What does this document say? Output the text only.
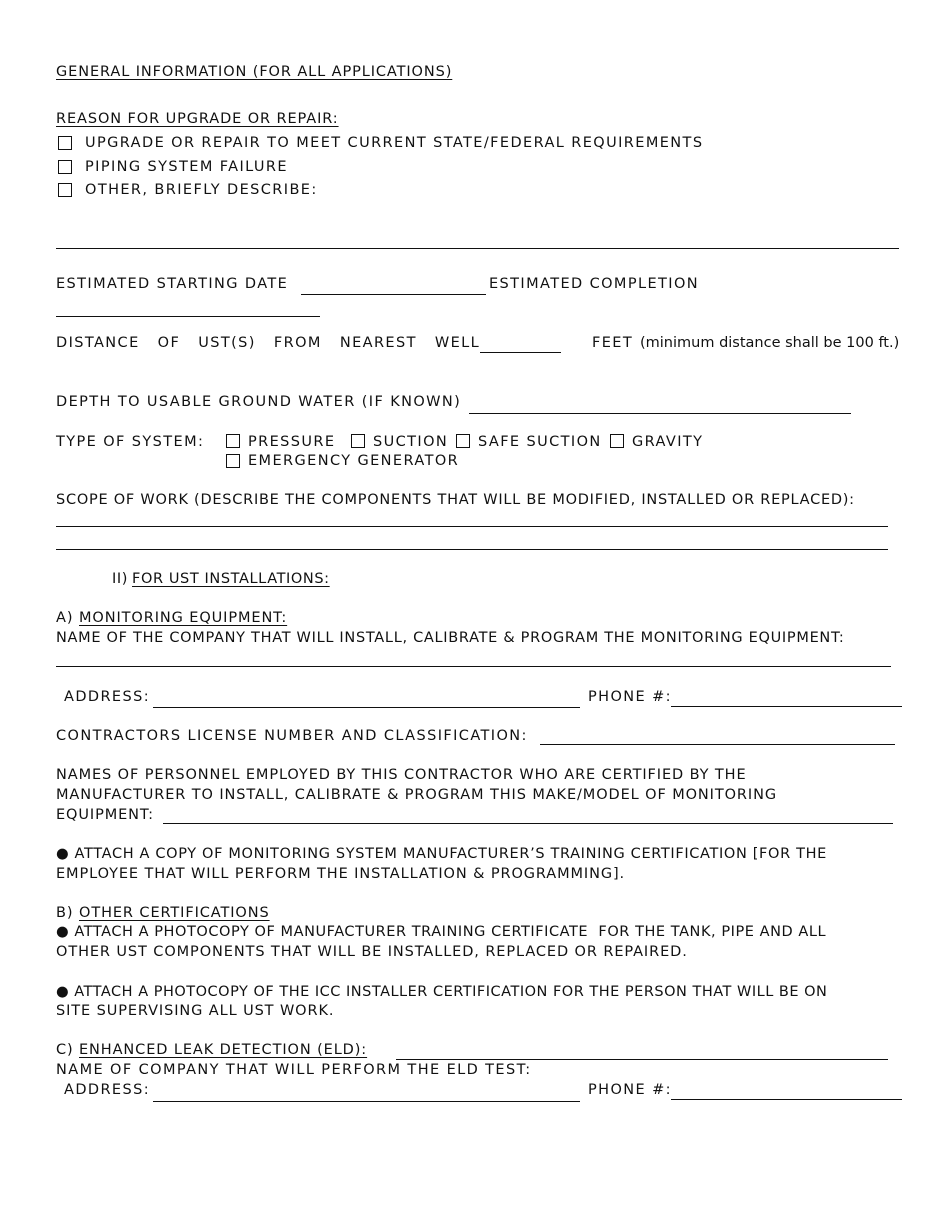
GENERAL INFORMATION (FOR ALL APPLICATIONS)
REASON FOR UPGRADE OR REPAIR:
UPGRADE OR REPAIR TO MEET CURRENT STATE/FEDERAL REQUIREMENTS
PIPING SYSTEM FAILURE
OTHER, BRIEFLY DESCRIBE:
ESTIMATED STARTING DATE	ESTIMATED COMPLETION
DISTANCE   OF   UST(S)   FROM   NEAREST   WELL	FEET (minimum distance shall be 100 ft.)
DEPTH TO USABLE GROUND WATER (IF KNOWN)
TYPE OF SYSTEM:	PRESSURE	SUCTION SAFE SUCTION GRAVITY
EMERGENCY GENERATOR
SCOPE OF WORK (DESCRIBE THE COMPONENTS THAT WILL BE MODIFIED, INSTALLED OR REPLACED):
II) FOR UST INSTALLATIONS:
A) MONITORING EQUIPMENT:
NAME OF THE COMPANY THAT WILL INSTALL, CALIBRATE & PROGRAM THE MONITORING EQUIPMENT:
ADDRESS:	PHONE #:
CONTRACTORS LICENSE NUMBER AND CLASSIFICATION:
NAMES OF PERSONNEL EMPLOYED BY THIS CONTRACTOR WHO ARE CERTIFIED BY THE
MANUFACTURER TO INSTALL, CALIBRATE & PROGRAM THIS MAKE/MODEL OF MONITORING
EQUIPMENT:
● ATTACH A COPY OF MONITORING SYSTEM MANUFACTURER’S TRAINING CERTIFICATION [FOR THE
EMPLOYEE THAT WILL PERFORM THE INSTALLATION & PROGRAMMING].
B) OTHER CERTIFICATIONS
● ATTACH A PHOTOCOPY OF MANUFACTURER TRAINING CERTIFICATE  FOR THE TANK, PIPE AND ALL
OTHER UST COMPONENTS THAT WILL BE INSTALLED, REPLACED OR REPAIRED.
● ATTACH A PHOTOCOPY OF THE ICC INSTALLER CERTIFICATION FOR THE PERSON THAT WILL BE ON
SITE SUPERVISING ALL UST WORK.
C) ENHANCED LEAK DETECTION (ELD):
NAME OF COMPANY THAT WILL PERFORM THE ELD TEST:
ADDRESS:	PHONE #:
